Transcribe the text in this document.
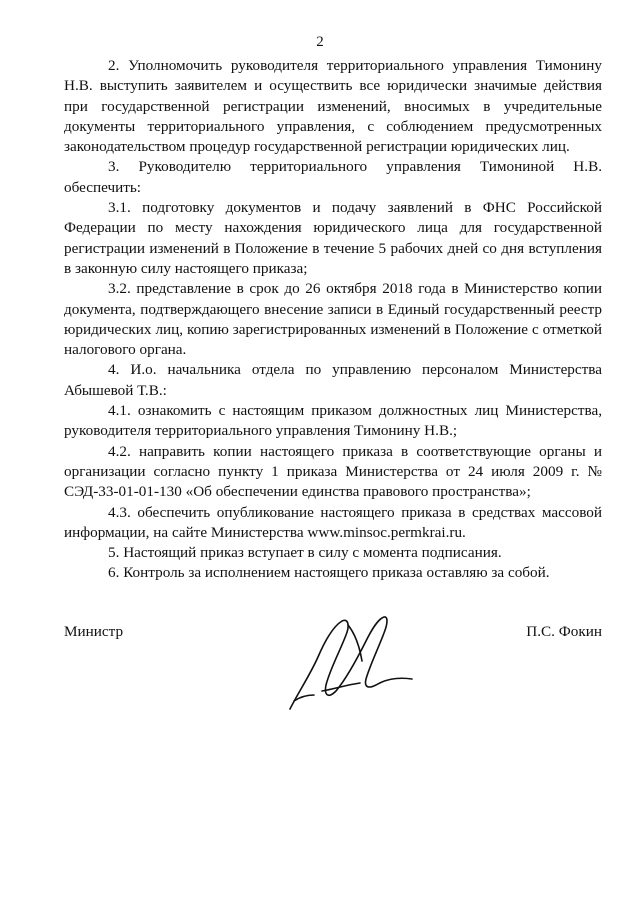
2

2. Уполномочить руководителя территориального управления Тимонину Н.В. выступить заявителем и осуществить все юридически значимые действия при государственной регистрации изменений, вносимых в учредительные документы территориального управления, с соблюдением предусмотренных законодательством процедур государственной регистрации юридических лиц.

3. Руководителю территориального управления Тимониной Н.В. обеспечить:

3.1. подготовку документов и подачу заявлений в ФНС Российской Федерации по месту нахождения юридического лица для государственной регистрации изменений в Положение в течение 5 рабочих дней со дня вступления в законную силу настоящего приказа;

3.2. представление в срок до 26 октября 2018 года в Министерство копии документа, подтверждающего внесение записи в Единый государственный реестр юридических лиц, копию зарегистрированных изменений в Положение с отметкой налогового органа.

4. И.о. начальника отдела по управлению персоналом Министерства Абышевой Т.В.:

4.1. ознакомить с настоящим приказом должностных лиц Министерства, руководителя территориального управления Тимонину Н.В.;

4.2. направить копии настоящего приказа в соответствующие органы и организации согласно пункту 1 приказа Министерства от 24 июля 2009 г. № СЭД-33-01-01-130 «Об обеспечении единства правового пространства»;

4.3. обеспечить опубликование настоящего приказа в средствах массовой информации, на сайте Министерства www.minsoc.permkrai.ru.

5. Настоящий приказ вступает в силу с момента подписания.

6. Контроль за исполнением настоящего приказа оставляю за собой.

Министр	П.С. Фокин
